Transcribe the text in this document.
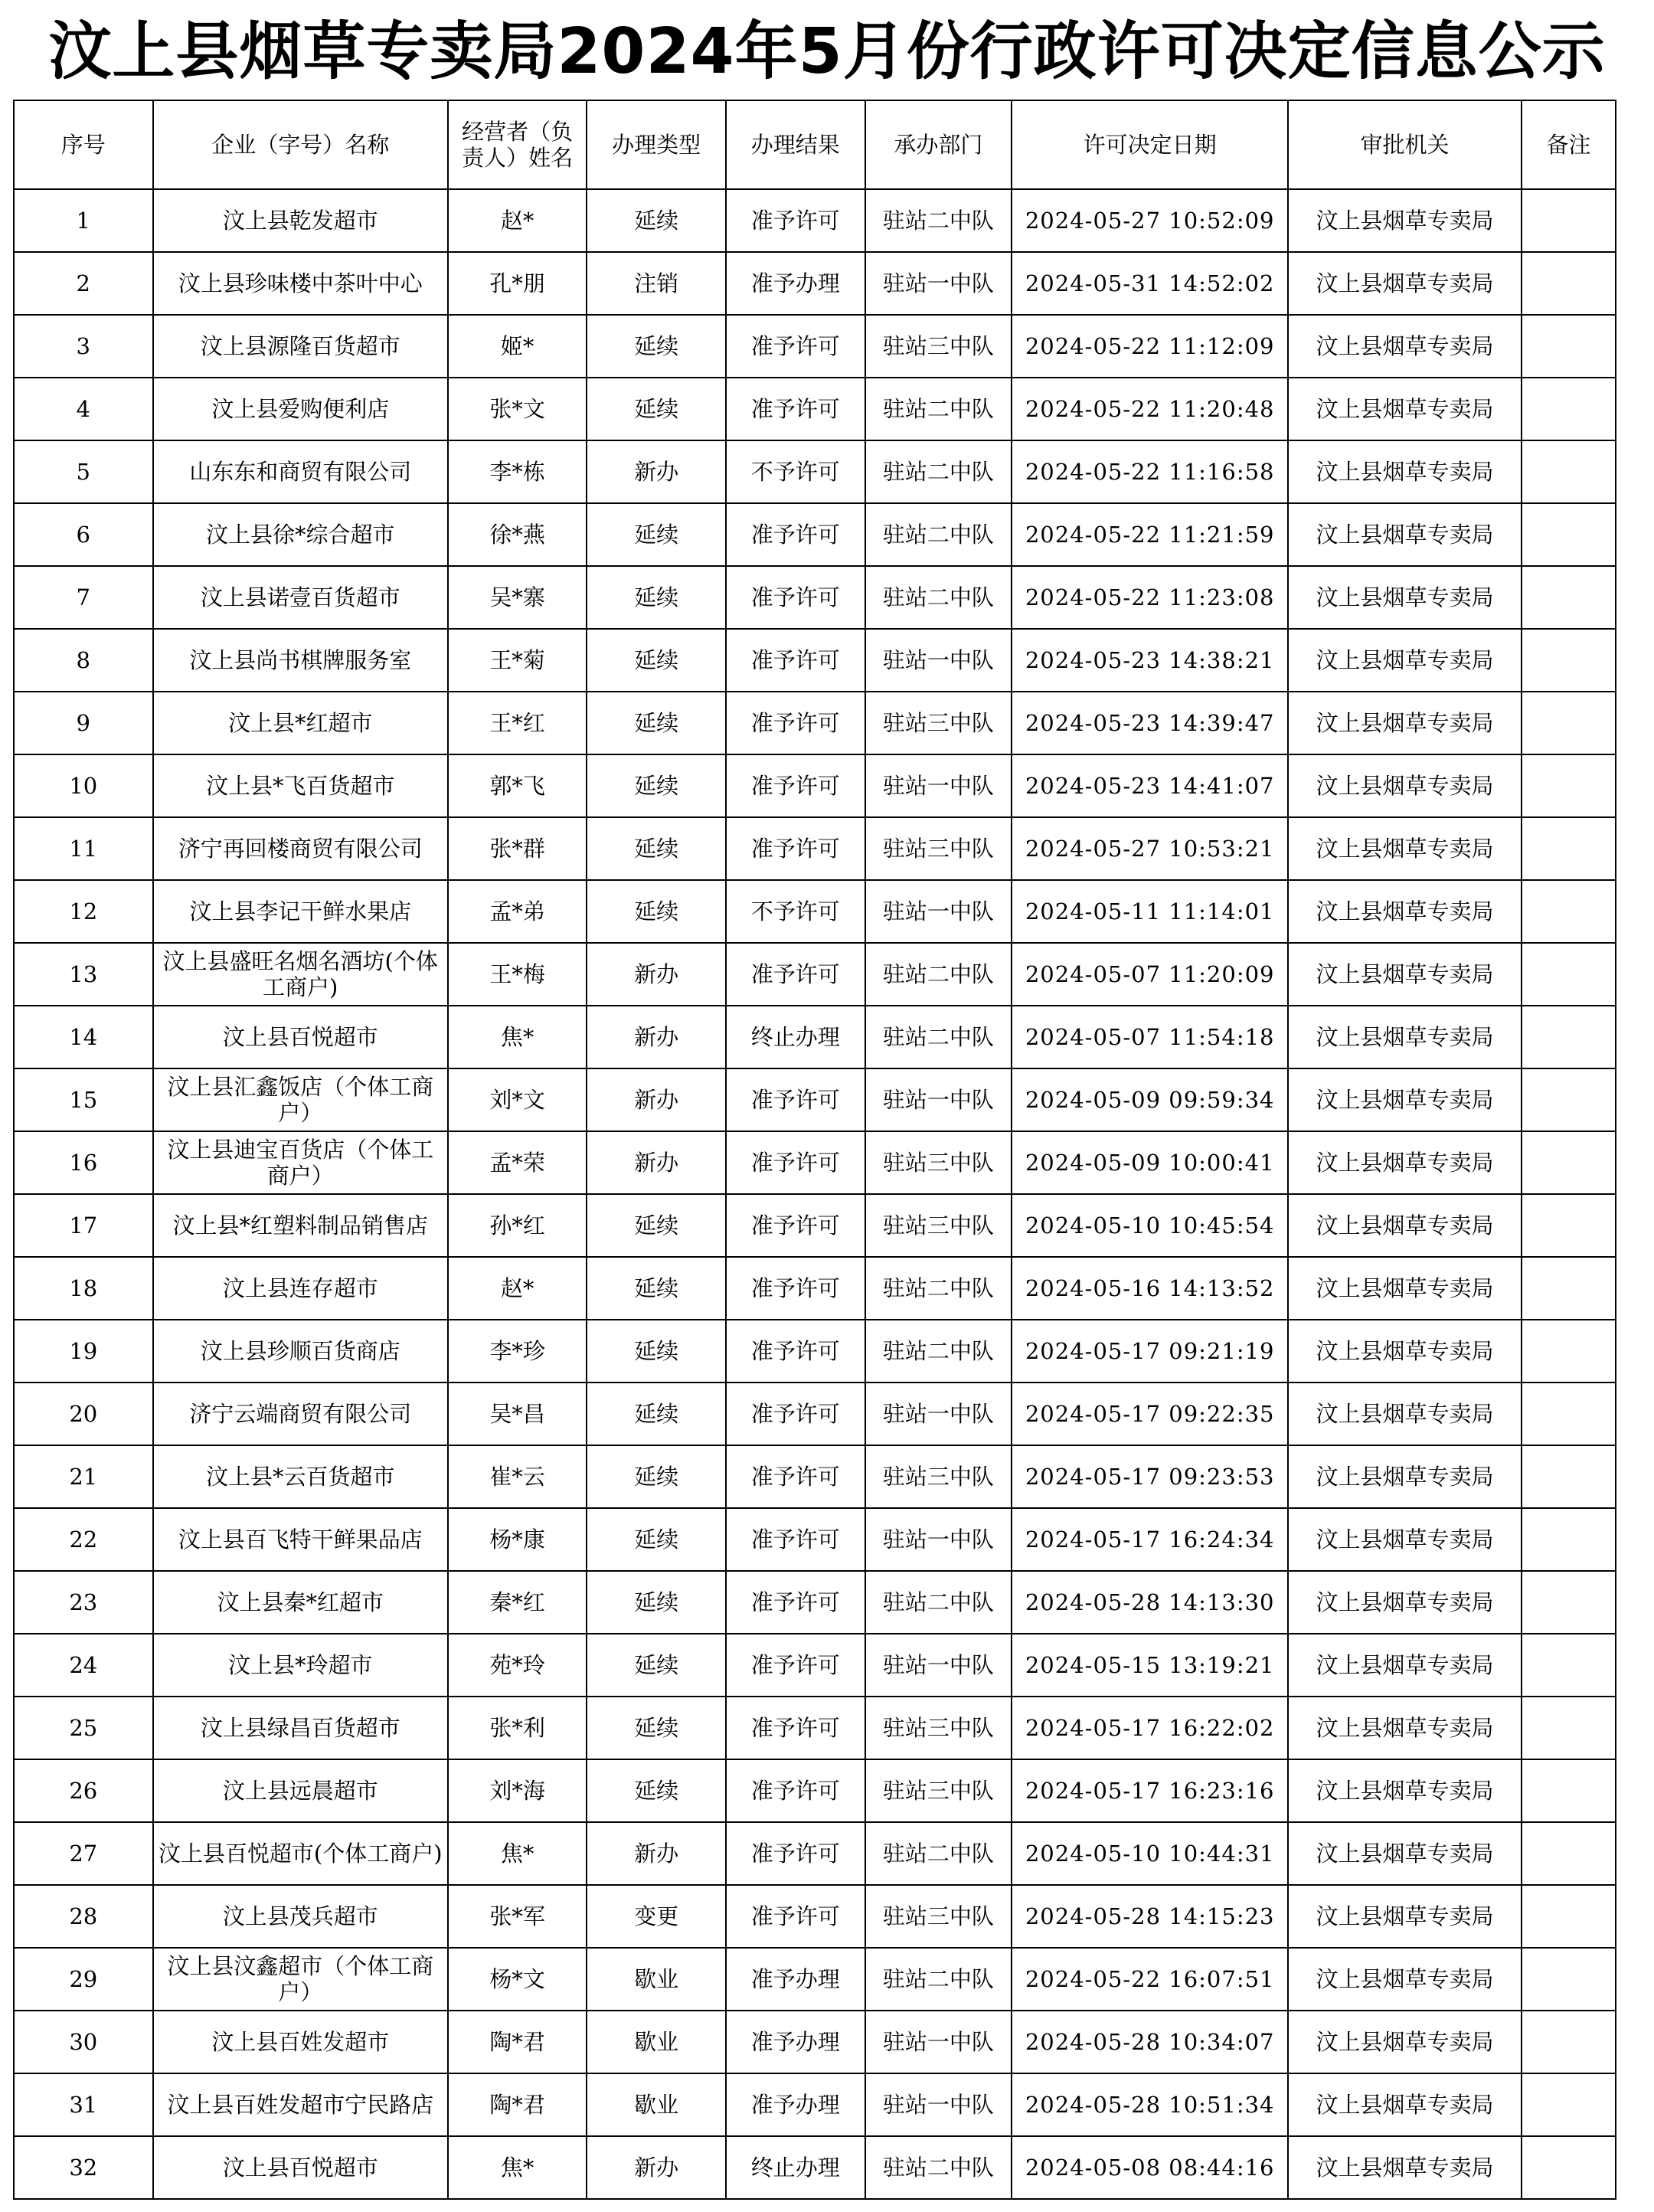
汶上县烟草专卖局2024年5月份行政许可决定信息公示
序号	企业（字号）名称	经营者（负责人）姓名	办理类型	办理结果	承办部门	许可决定日期	审批机关	备注
1	汶上县乾发超市	赵*	延续	准予许可	驻站二中队	2024-05-27 10:52:09	汶上县烟草专卖局	
2	汶上县珍味楼中茶叶中心	孔*朋	注销	准予办理	驻站一中队	2024-05-31 14:52:02	汶上县烟草专卖局	
3	汶上县源隆百货超市	姬*	延续	准予许可	驻站三中队	2024-05-22 11:12:09	汶上县烟草专卖局	
4	汶上县爱购便利店	张*文	延续	准予许可	驻站二中队	2024-05-22 11:20:48	汶上县烟草专卖局	
5	山东东和商贸有限公司	李*栋	新办	不予许可	驻站二中队	2024-05-22 11:16:58	汶上县烟草专卖局	
6	汶上县徐*综合超市	徐*燕	延续	准予许可	驻站二中队	2024-05-22 11:21:59	汶上县烟草专卖局	
7	汶上县诺壹百货超市	吴*寨	延续	准予许可	驻站二中队	2024-05-22 11:23:08	汶上县烟草专卖局	
8	汶上县尚书棋牌服务室	王*菊	延续	准予许可	驻站一中队	2024-05-23 14:38:21	汶上县烟草专卖局	
9	汶上县*红超市	王*红	延续	准予许可	驻站三中队	2024-05-23 14:39:47	汶上县烟草专卖局	
10	汶上县*飞百货超市	郭*飞	延续	准予许可	驻站一中队	2024-05-23 14:41:07	汶上县烟草专卖局	
11	济宁再回楼商贸有限公司	张*群	延续	准予许可	驻站三中队	2024-05-27 10:53:21	汶上县烟草专卖局	
12	汶上县李记干鲜水果店	孟*弟	延续	不予许可	驻站一中队	2024-05-11 11:14:01	汶上县烟草专卖局	
13	汶上县盛旺名烟名酒坊(个体工商户)	王*梅	新办	准予许可	驻站二中队	2024-05-07 11:20:09	汶上县烟草专卖局	
14	汶上县百悦超市	焦*	新办	终止办理	驻站二中队	2024-05-07 11:54:18	汶上县烟草专卖局	
15	汶上县汇鑫饭店（个体工商户）	刘*文	新办	准予许可	驻站一中队	2024-05-09 09:59:34	汶上县烟草专卖局	
16	汶上县迪宝百货店（个体工商户）	孟*荣	新办	准予许可	驻站三中队	2024-05-09 10:00:41	汶上县烟草专卖局	
17	汶上县*红塑料制品销售店	孙*红	延续	准予许可	驻站三中队	2024-05-10 10:45:54	汶上县烟草专卖局	
18	汶上县连存超市	赵*	延续	准予许可	驻站二中队	2024-05-16 14:13:52	汶上县烟草专卖局	
19	汶上县珍顺百货商店	李*珍	延续	准予许可	驻站二中队	2024-05-17 09:21:19	汶上县烟草专卖局	
20	济宁云端商贸有限公司	吴*昌	延续	准予许可	驻站一中队	2024-05-17 09:22:35	汶上县烟草专卖局	
21	汶上县*云百货超市	崔*云	延续	准予许可	驻站三中队	2024-05-17 09:23:53	汶上县烟草专卖局	
22	汶上县百飞特干鲜果品店	杨*康	延续	准予许可	驻站一中队	2024-05-17 16:24:34	汶上县烟草专卖局	
23	汶上县秦*红超市	秦*红	延续	准予许可	驻站二中队	2024-05-28 14:13:30	汶上县烟草专卖局	
24	汶上县*玲超市	苑*玲	延续	准予许可	驻站一中队	2024-05-15 13:19:21	汶上县烟草专卖局	
25	汶上县绿昌百货超市	张*利	延续	准予许可	驻站三中队	2024-05-17 16:22:02	汶上县烟草专卖局	
26	汶上县远晨超市	刘*海	延续	准予许可	驻站三中队	2024-05-17 16:23:16	汶上县烟草专卖局	
27	汶上县百悦超市(个体工商户)	焦*	新办	准予许可	驻站二中队	2024-05-10 10:44:31	汶上县烟草专卖局	
28	汶上县茂兵超市	张*军	变更	准予许可	驻站三中队	2024-05-28 14:15:23	汶上县烟草专卖局	
29	汶上县汶鑫超市（个体工商户）	杨*文	歇业	准予办理	驻站二中队	2024-05-22 16:07:51	汶上县烟草专卖局	
30	汶上县百姓发超市	陶*君	歇业	准予办理	驻站一中队	2024-05-28 10:34:07	汶上县烟草专卖局	
31	汶上县百姓发超市宁民路店	陶*君	歇业	准予办理	驻站一中队	2024-05-28 10:51:34	汶上县烟草专卖局	
32	汶上县百悦超市	焦*	新办	终止办理	驻站二中队	2024-05-08 08:44:16	汶上县烟草专卖局	
